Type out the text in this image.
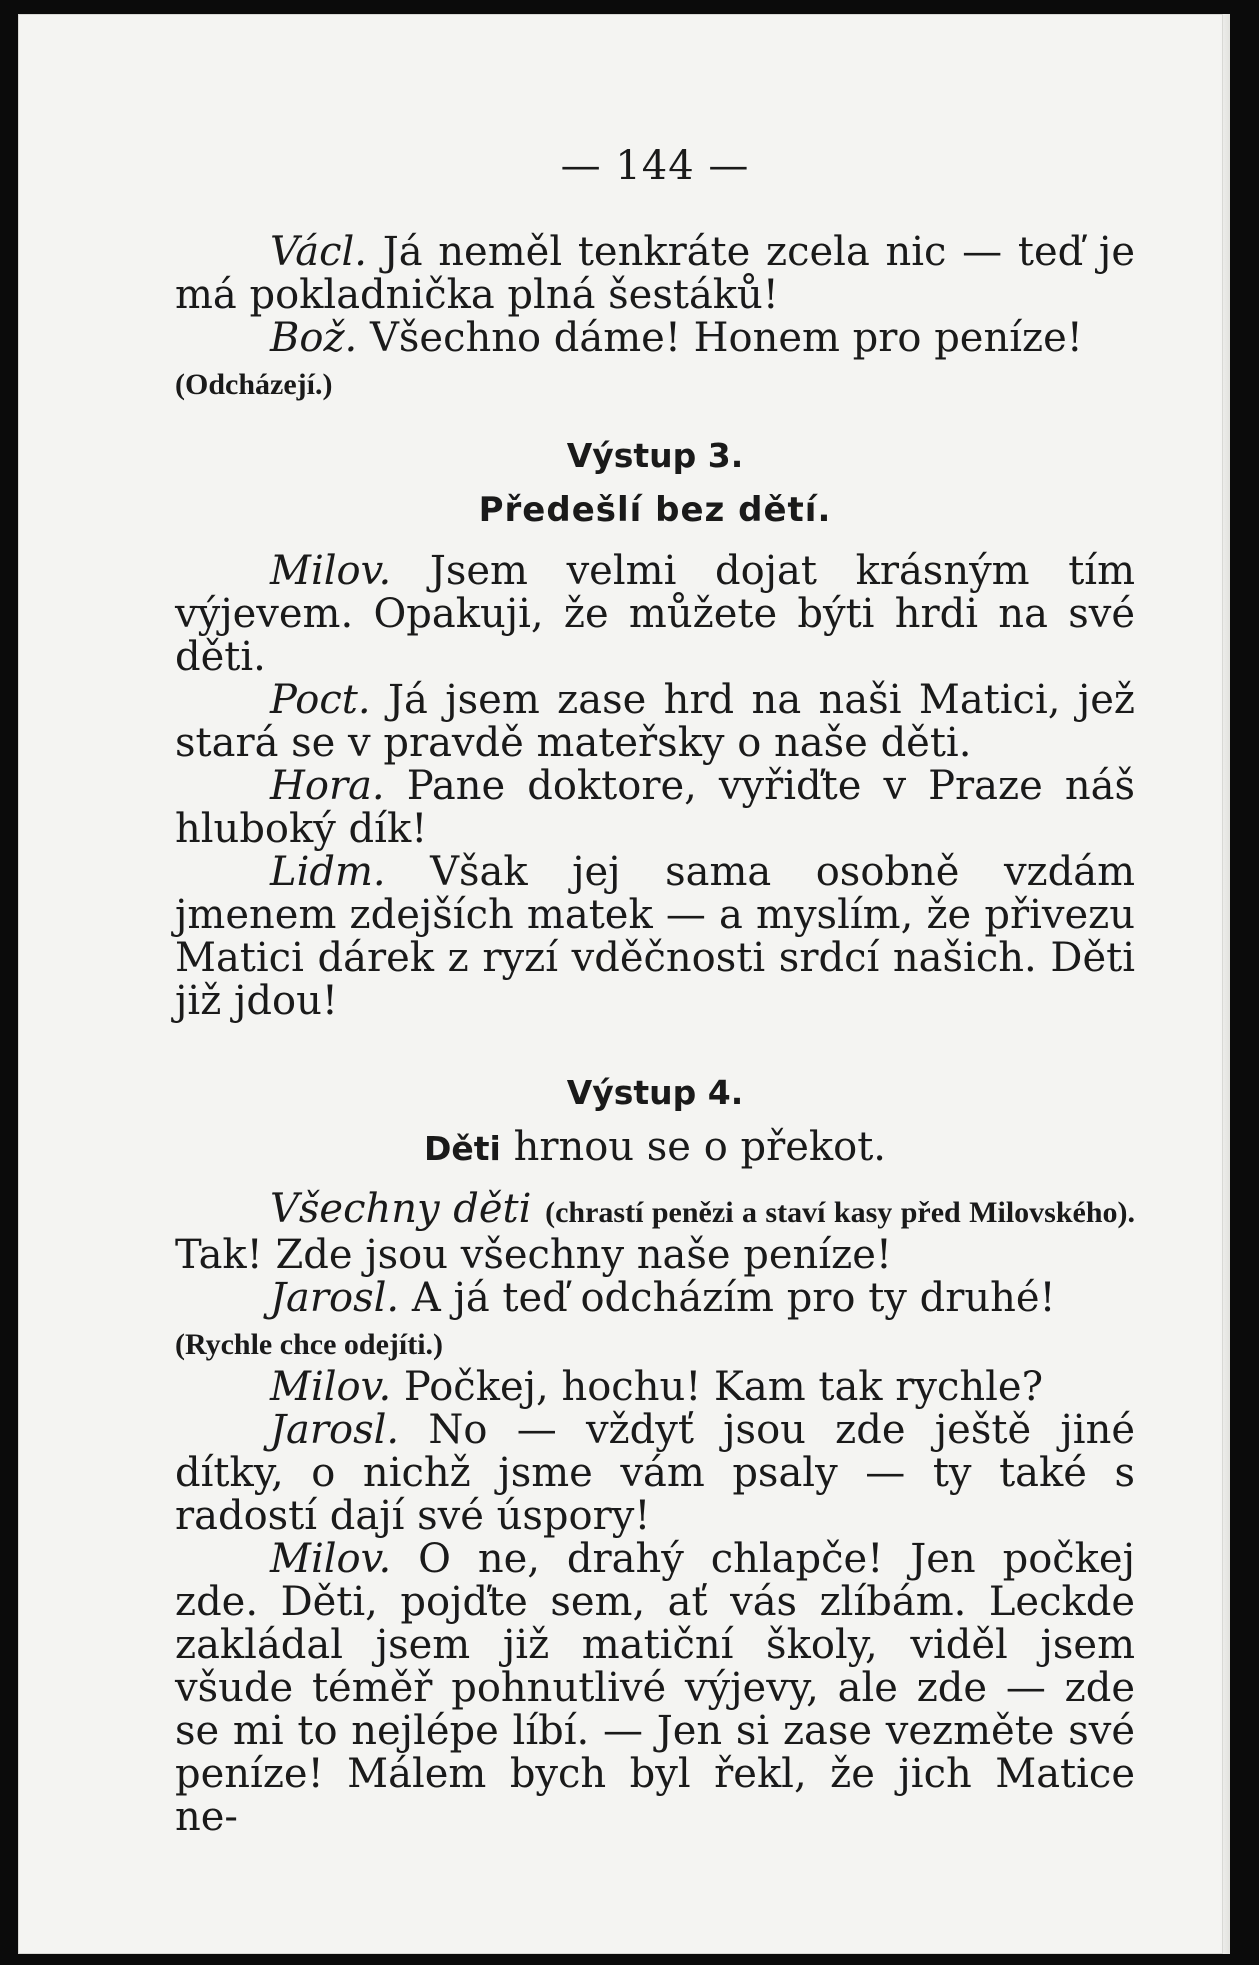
— 144 —

Václ. Já neměl tenkráte zcela nic — teď je má pokladnička plná šestáků!

Bož. Všechno dáme! Honem pro peníze!

(Odcházejí.)

Výstup 3.
Předešlí bez dětí.

Milov. Jsem velmi dojat krásným tím výjevem. Opakuji, že můžete býti hrdi na své děti.

Poct. Já jsem zase hrd na naši Matici, jež stará se v pravdě mateřsky o naše děti.

Hora. Pane doktore, vyřiďte v Praze náš hluboký dík!

Lidm. Však jej sama osobně vzdám jmenem zdejších matek — a myslím, že přivezu Matici dárek z ryzí vděčnosti srdcí našich. Děti již jdou!

Výstup 4.
Děti hrnou se o překot.

Všechny děti (chrastí penězi a staví kasy před Milovského). Tak! Zde jsou všechny naše peníze!

Jarosl. A já teď odcházím pro ty druhé!

(Rychle chce odejíti.)

Milov. Počkej, hochu! Kam tak rychle?

Jarosl. No — vždyť jsou zde ještě jiné dítky, o nichž jsme vám psaly — ty také s radostí dají své úspory!

Milov. O ne, drahý chlapče! Jen počkej zde. Děti, pojďte sem, ať vás zlíbám. Leckde zakládal jsem již matiční školy, viděl jsem všude téměř pohnutlivé výjevy, ale zde — zde se mi to nejlépe líbí. — Jen si zase vezměte své peníze! Málem bych byl řekl, že jich Matice ne-
